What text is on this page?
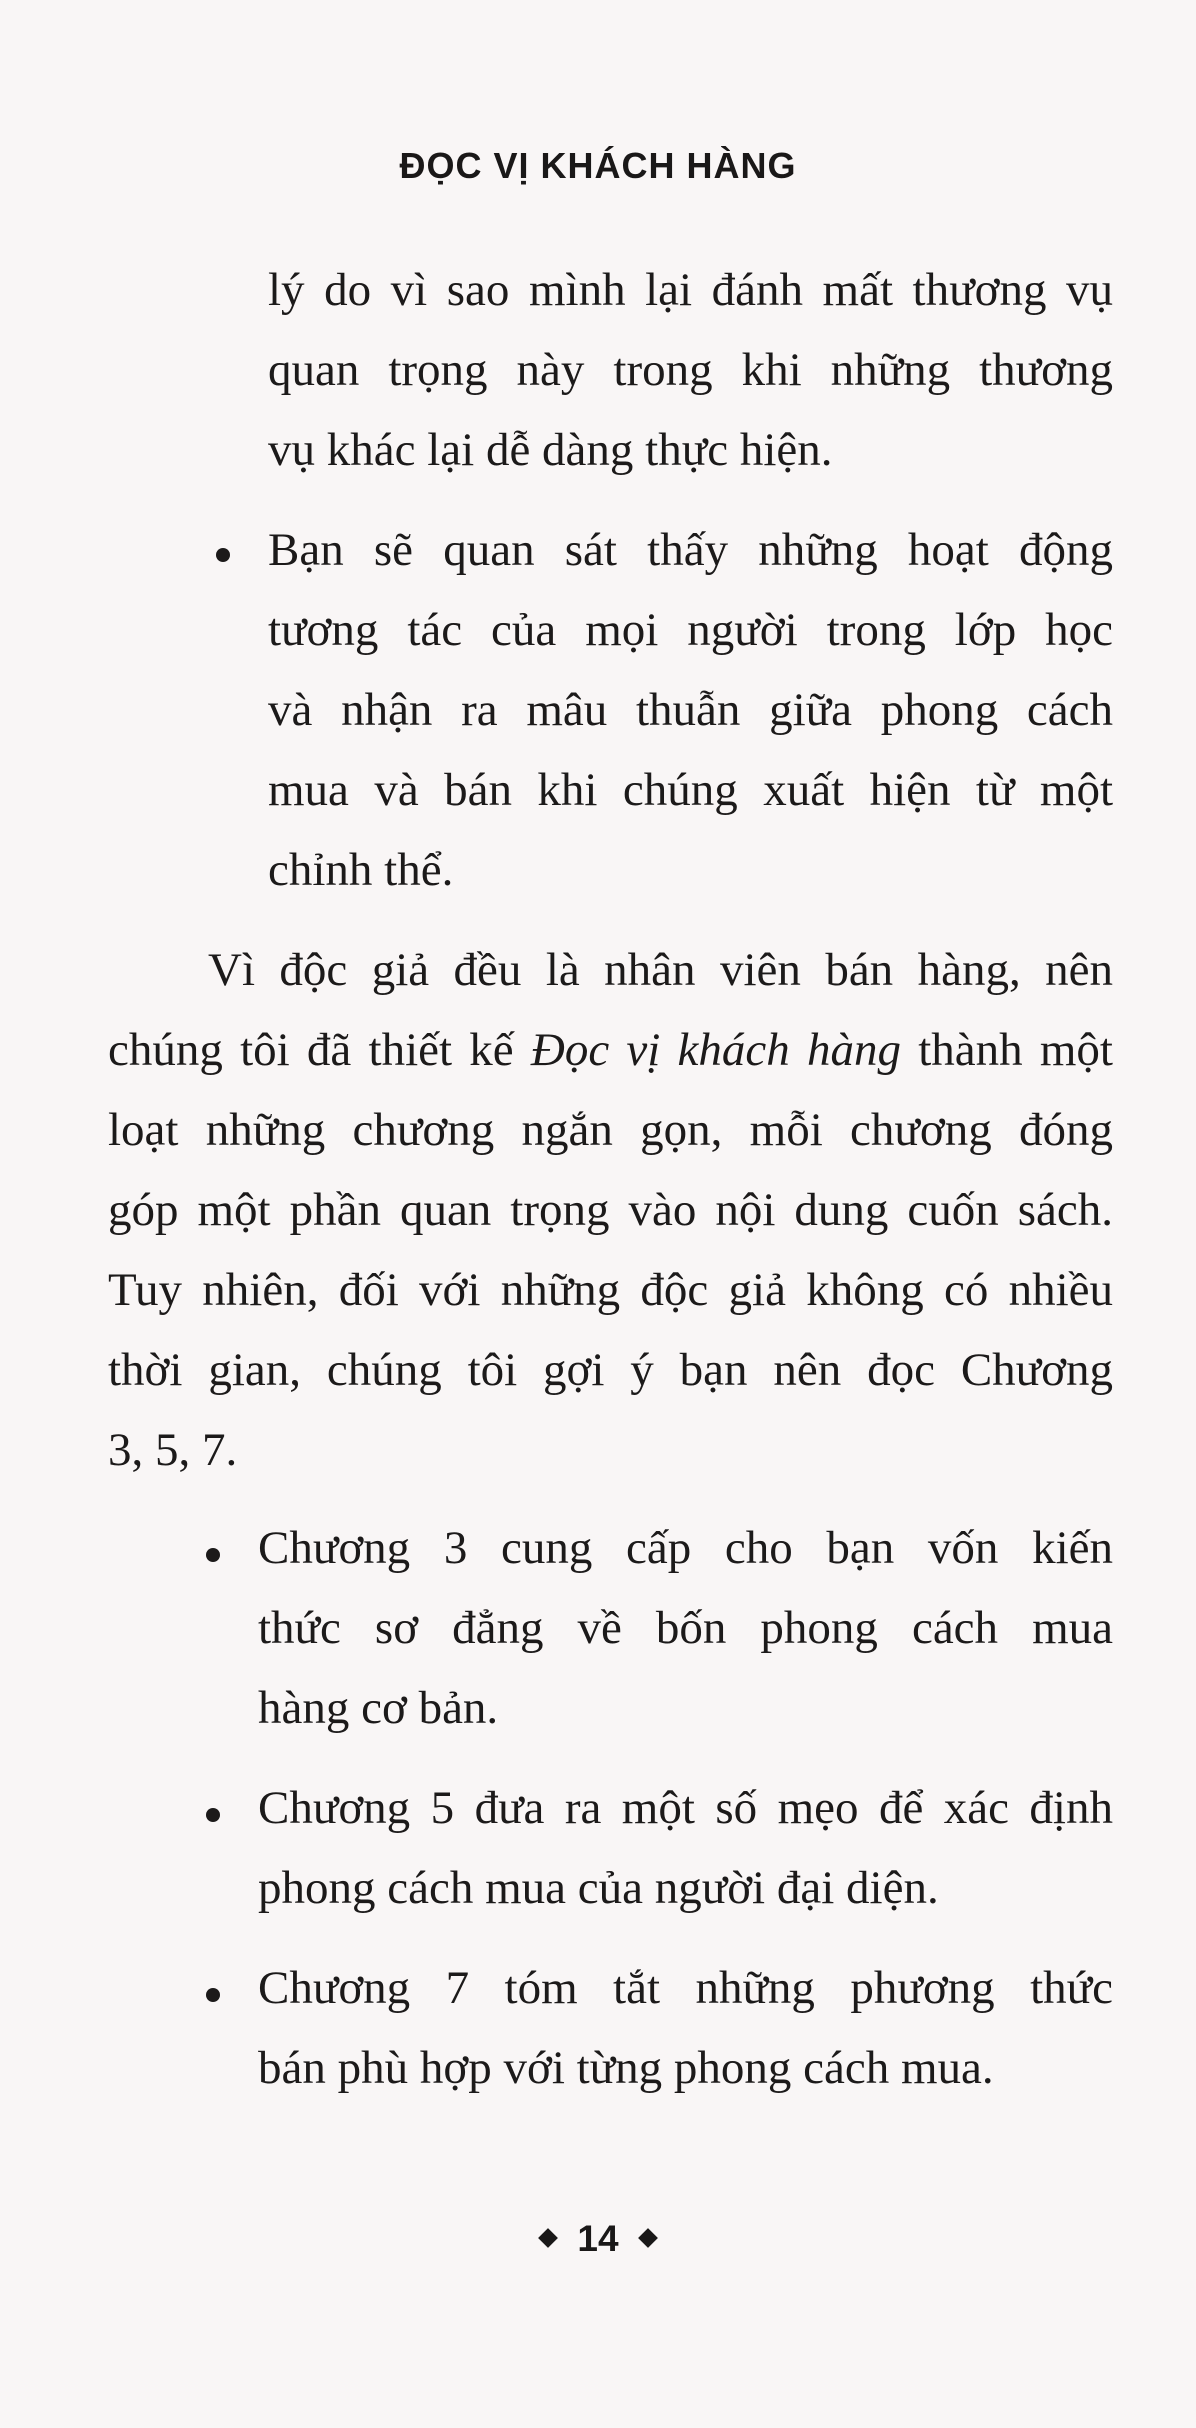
ĐỌC VỊ KHÁCH HÀNG
lý do vì sao mình lại đánh mất thương vụ
quan trọng này trong khi những thương
vụ khác lại dễ dàng thực hiện.
Bạn sẽ quan sát thấy những hoạt động
tương tác của mọi người trong lớp học
và nhận ra mâu thuẫn giữa phong cách
mua và bán khi chúng xuất hiện từ một
chỉnh thể.
Vì độc giả đều là nhân viên bán hàng, nên
chúng tôi đã thiết kế Đọc vị khách hàng thành một
loạt những chương ngắn gọn, mỗi chương đóng
góp một phần quan trọng vào nội dung cuốn sách.
Tuy nhiên, đối với những độc giả không có nhiều
thời gian, chúng tôi gợi ý bạn nên đọc Chương
3, 5, 7.
Chương 3 cung cấp cho bạn vốn kiến
thức sơ đẳng về bốn phong cách mua
hàng cơ bản.
Chương 5 đưa ra một số mẹo để xác định
phong cách mua của người đại diện.
Chương 7 tóm tắt những phương thức
bán phù hợp với từng phong cách mua.
14
